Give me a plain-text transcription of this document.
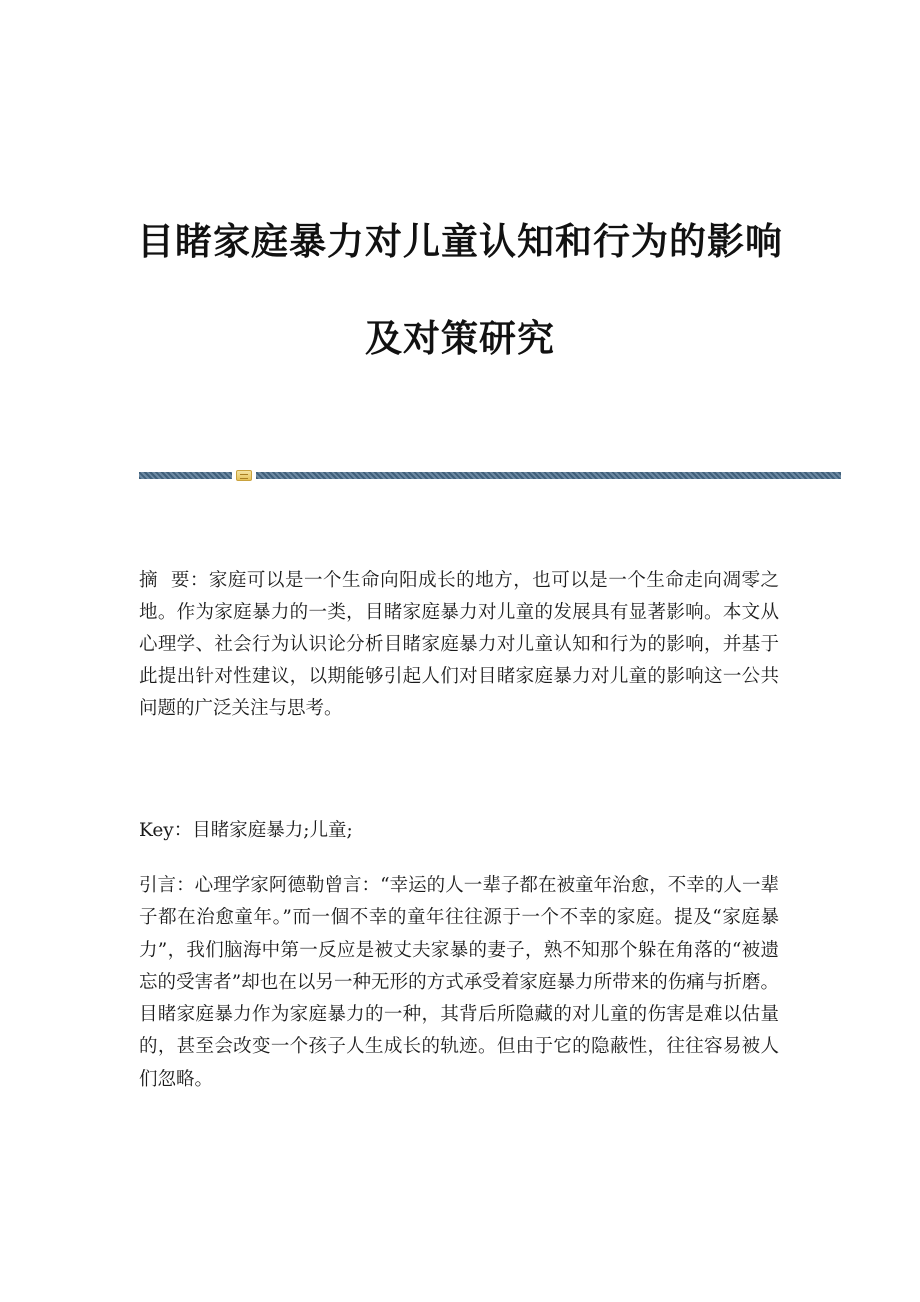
目睹家庭暴力对儿童认知和行为的影响
及对策研究

摘  要：家庭可以是一个生命向阳成长的地方，也可以是一个生命走向凋零之地。作为家庭暴力的一类，目睹家庭暴力对儿童的发展具有显著影响。本文从心理学、社会行为认识论分析目睹家庭暴力对儿童认知和行为的影响，并基于此提出针对性建议，以期能够引起人们对目睹家庭暴力对儿童的影响这一公共问题的广泛关注与思考。

Key：目睹家庭暴力;儿童;

引言：心理学家阿德勒曾言：“幸运的人一辈子都在被童年治愈，不幸的人一辈子都在治愈童年。”而一個不幸的童年往往源于一个不幸的家庭。提及“家庭暴力”，我们脑海中第一反应是被丈夫家暴的妻子，熟不知那个躲在角落的“被遗忘的受害者”却也在以另一种无形的方式承受着家庭暴力所带来的伤痛与折磨。目睹家庭暴力作为家庭暴力的一种，其背后所隐藏的对儿童的伤害是难以估量的，甚至会改变一个孩子人生成长的轨迹。但由于它的隐蔽性，往往容易被人们忽略。
